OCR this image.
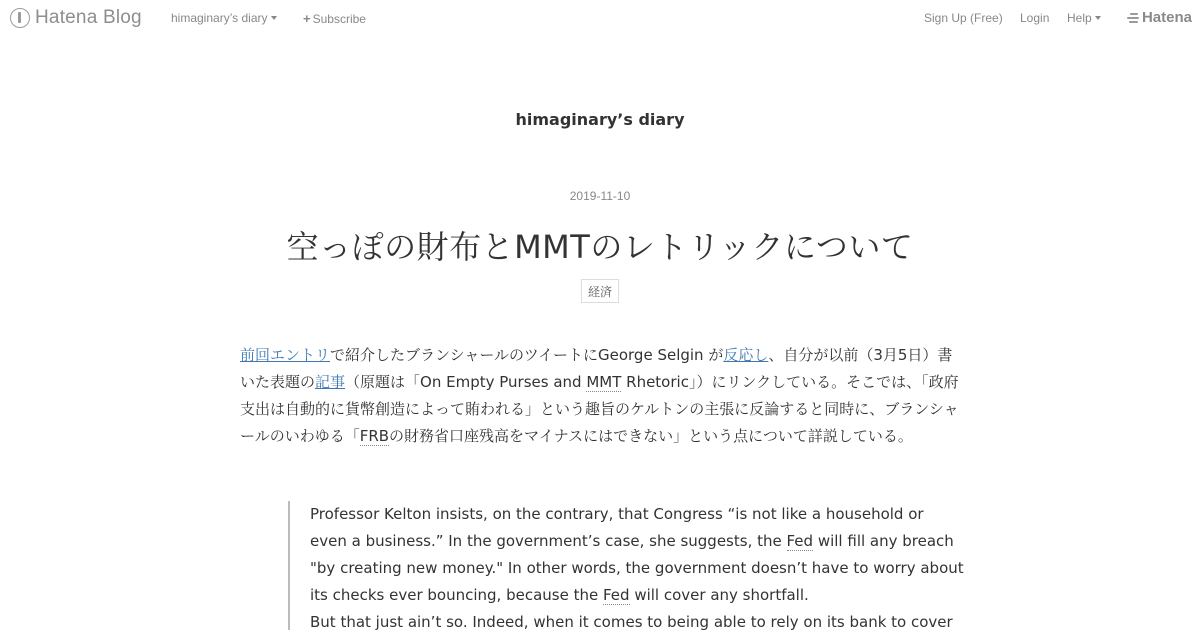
Hatena Blog himaginary’s diary	+ Subscribe	Sign Up (Free) Login Help	Hatena
himaginary’s diary
2019-11-10
空っぽの財布とMMTのレトリックについて
経済
前回エントリで紹介したブランシャールのツイートにGeorge Selgin が反応し、自分が以前（3月5日）書いた表題の記事（原題は「On Empty Purses and MMT Rhetoric」）にリンクしている。そこでは、「政府支出は自動的に貨幣創造によって賄われる」という趣旨のケルトンの主張に反論すると同時に、ブランシャールのいわゆる「FRBの財務省口座残高をマイナスにはできない」という点について詳説している。
Professor Kelton insists, on the contrary, that Congress “is not like a household or
even a business.” In the government’s case, she suggests, the Fed will fill any breach
"by creating new money." In other words, the government doesn’t have to worry about
its checks ever bouncing, because the Fed will cover any shortfall.
But that just ain’t so. Indeed, when it comes to being able to rely on its bank to cover
